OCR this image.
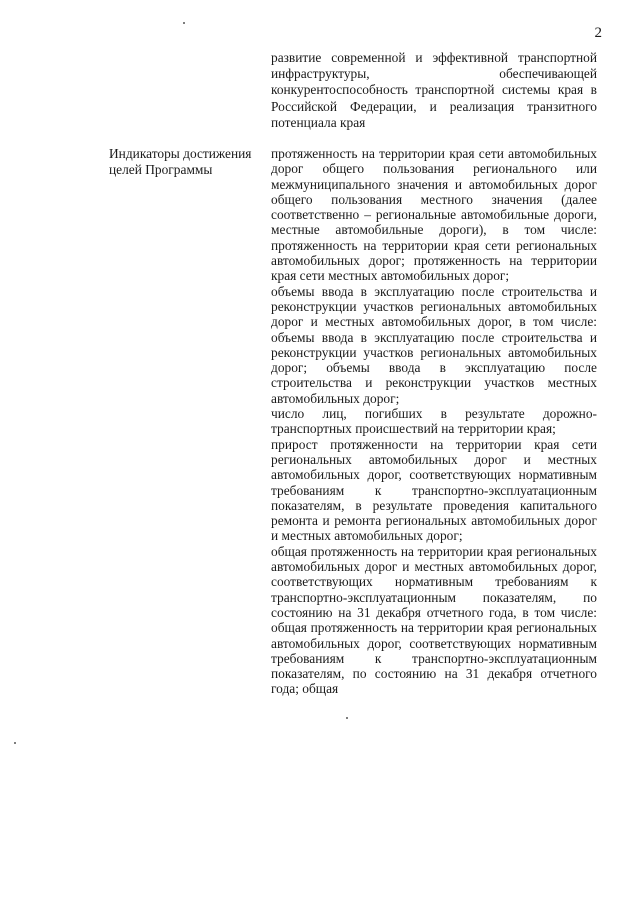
2
развитие современной и эффективной транспортной инфраструктуры, обеспечивающей конкурентоспособность транспортной системы края в Российской Федерации, и реализация транзитного потенциала края
Индикаторы достижения целей Программы

протяженность на территории края сети автомобильных дорог общего пользования регионального или межмуниципального значения и автомобильных дорог общего пользования местного значения (далее соответственно – региональные автомобильные дороги, местные автомобильные дороги), в том числе: протяженность на территории края сети региональных автомобильных дорог; протяженность на территории края сети местных автомобильных дорог;

объемы ввода в эксплуатацию после строительства и реконструкции участков региональных автомобильных дорог и местных автомобильных дорог, в том числе: объемы ввода в эксплуатацию после строительства и реконструкции участков региональных автомобильных дорог; объемы ввода в эксплуатацию после строительства и реконструкции участков местных автомобильных дорог;

число лиц, погибших в результате дорожно-транспортных происшествий на территории края;

прирост протяженности на территории края сети региональных автомобильных дорог и местных автомобильных дорог, соответствующих нормативным требованиям к транспортно-эксплуатационным показателям, в результате проведения капитального ремонта и ремонта региональных автомобильных дорог и местных автомобильных дорог;

общая протяженность на территории края региональных автомобильных дорог и местных автомобильных дорог, соответствующих нормативным требованиям к транспортно-эксплуатационным показателям, по состоянию на 31 декабря отчетного года, в том числе: общая протяженность на территории края региональных автомобильных дорог, соответствующих нормативным требованиям к транспортно-эксплуатационным показателям, по состоянию на 31 декабря отчетного года; общая
